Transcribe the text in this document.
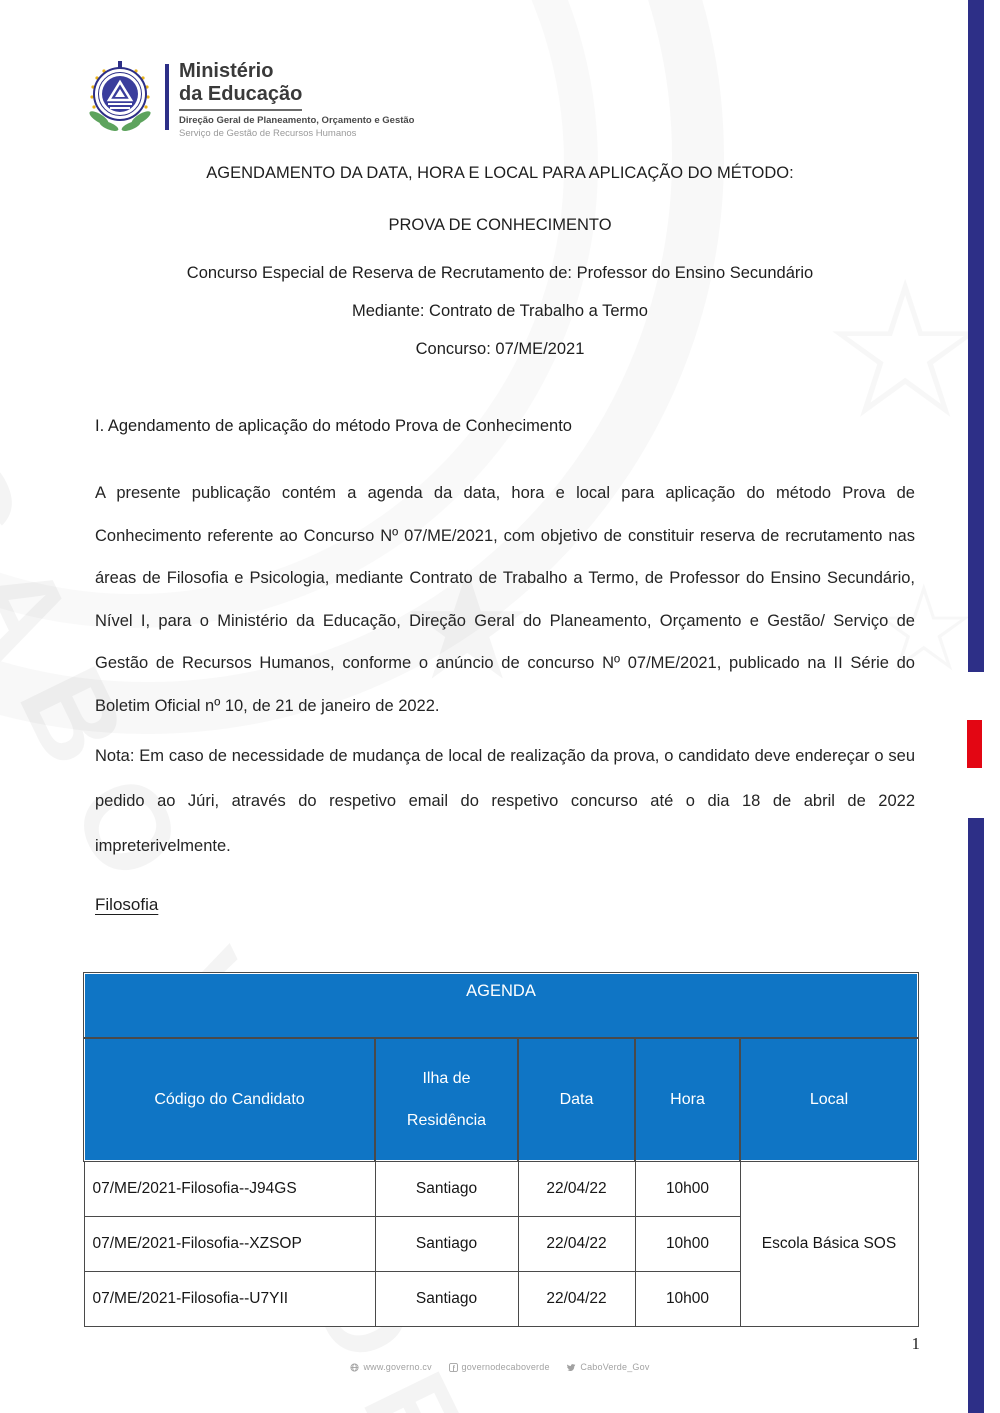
Ministério
da Educação
Direção Geral de Planeamento, Orçamento e Gestão
Serviço de Gestão de Recursos Humanos
AGENDAMENTO DA DATA, HORA E LOCAL PARA APLICAÇÃO DO MÉTODO:
PROVA DE CONHECIMENTO
Concurso Especial de Reserva de Recrutamento de: Professor do Ensino Secundário
Mediante: Contrato de Trabalho a Termo
Concurso: 07/ME/2021
I. Agendamento de aplicação do método Prova de Conhecimento
A presente publicação contém a agenda da data, hora e local para aplicação do método Prova de Conhecimento referente ao Concurso Nº 07/ME/2021, com objetivo de constituir reserva de recrutamento nas áreas de Filosofia e Psicologia, mediante Contrato de Trabalho a Termo, de Professor do Ensino Secundário, Nível I, para o Ministério da Educação, Direção Geral do Planeamento, Orçamento e Gestão/ Serviço de Gestão de Recursos Humanos, conforme o anúncio de concurso Nº 07/ME/2021, publicado na II Série do Boletim Oficial nº 10, de 21 de janeiro de 2022.
Nota: Em caso de necessidade de mudança de local de realização da prova, o candidato deve endereçar o seu pedido ao Júri, através do respetivo email do respetivo concurso até o dia 18 de abril de 2022 impreterivelmente.
Filosofia
AGENDA				
Código do Candidato	Ilha de Residência	Data	Hora	Local
07/ME/2021-Filosofia--J94GS	Santiago	22/04/22	10h00	Escola Básica SOS
07/ME/2021-Filosofia--XZSOP	Santiago	22/04/22	10h00	
07/ME/2021-Filosofia--U7YII	Santiago	22/04/22	10h00	
1
www.governo.cv	governodecaboverde	CaboVerde_Gov
